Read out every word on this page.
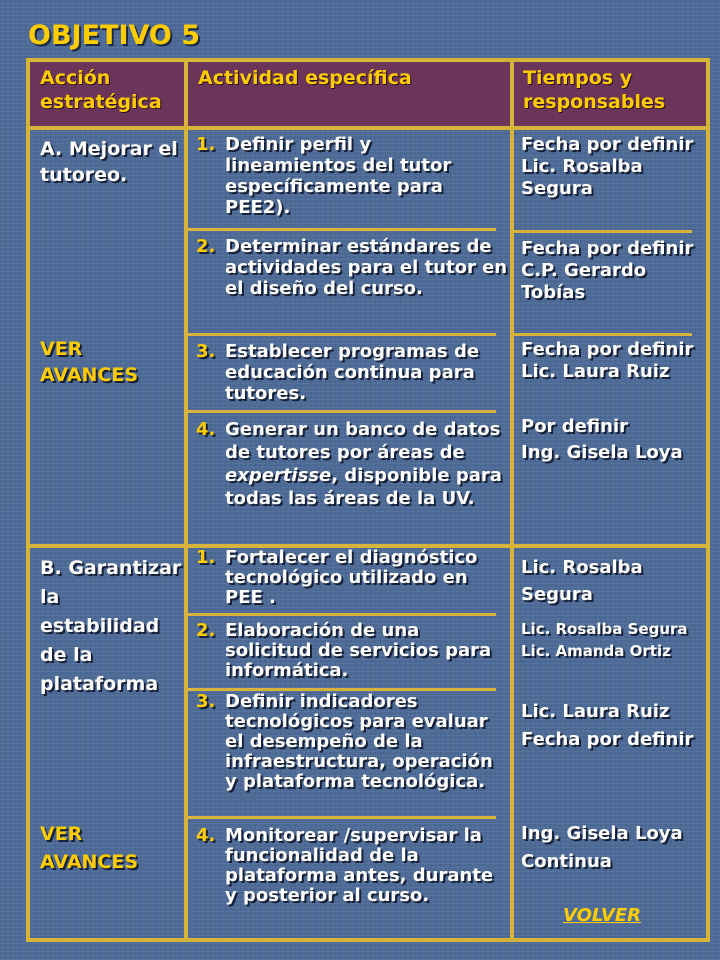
OBJETIVO 5
Acción estratégica
Actividad específica	Tiempos y responsables
A. Mejorar el tutoreo.
VER AVANCES
1. Definir perfil y lineamientos del tutor específicamente para PEE2).
2. Determinar estándares de actividades para el tutor en el diseño del curso.
3. Establecer programas de educación continua para tutores.
4. Generar un banco de datos de tutores por áreas de expertisse, disponible para todas las áreas de la UV.
Fecha por definir
Lic. Rosalba Segura
Fecha por definir
C.P. Gerardo Tobías
Fecha por definir
Lic. Laura Ruiz
Por definir
Ing. Gisela Loya
B. Garantizar la estabilidad de la plataforma
VER AVANCES
1. Fortalecer el diagnóstico tecnológico utilizado en PEE .
2. Elaboración de una solicitud de servicios para informática.
3. Definir indicadores tecnológicos para evaluar el desempeño de la infraestructura, operación y plataforma tecnológica.
4. Monitorear /supervisar la funcionalidad de la plataforma antes, durante y posterior al curso.
Lic. Rosalba Segura
Lic. Rosalba Segura
Lic. Amanda Ortiz
Lic. Laura Ruiz
Fecha por definir
Ing. Gisela Loya
Continua
VOLVER
